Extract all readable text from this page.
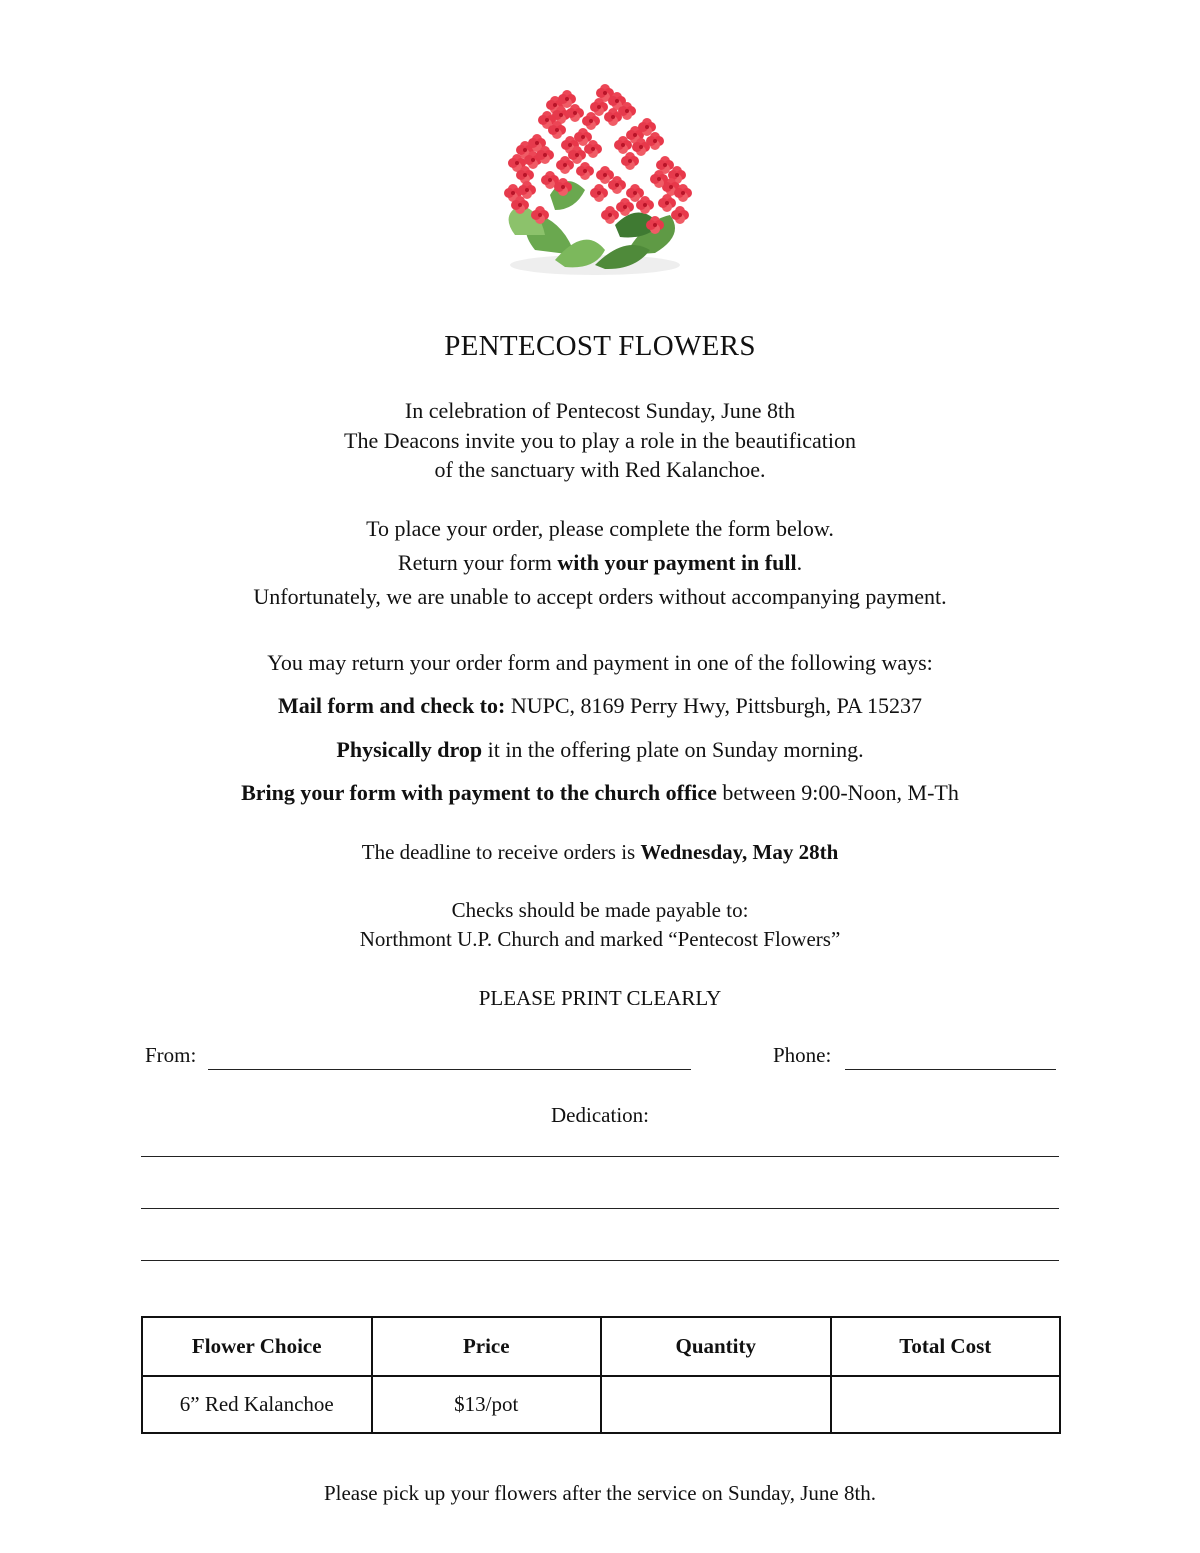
PENTECOST FLOWERS
In celebration of Pentecost Sunday, June 8th
The Deacons invite you to play a role in the beautification
of the sanctuary with Red Kalanchoe.
To place your order, please complete the form below.
Return your form with your payment in full.
Unfortunately, we are unable to accept orders without accompanying payment.
You may return your order form and payment in one of the following ways:
Mail form and check to: NUPC, 8169 Perry Hwy, Pittsburgh, PA 15237
Physically drop it in the offering plate on Sunday morning.
Bring your form with payment to the church office between 9:00-Noon, M-Th
The deadline to receive orders is Wednesday, May 28th
Checks should be made payable to:
Northmont U.P. Church and marked “Pentecost Flowers”
PLEASE PRINT CLEARLY
From:	Phone:
Dedication:
Flower Choice	Price	Quantity	Total Cost
6” Red Kalanchoe	$13/pot		
Please pick up your flowers after the service on Sunday, June 8th.
